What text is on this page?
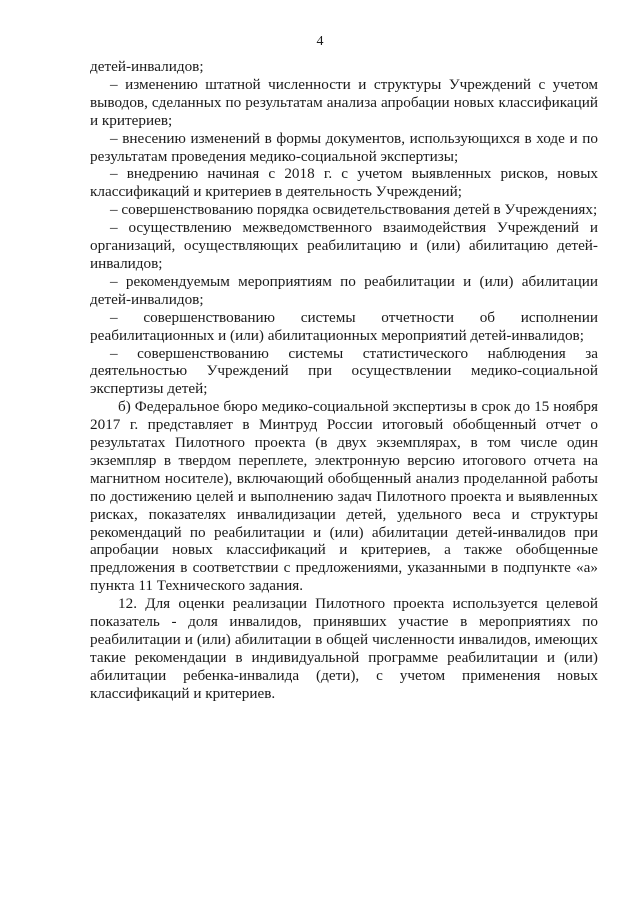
4

детей-инвалидов;

– изменению штатной численности и структуры Учреждений с учетом выводов, сделанных по результатам анализа апробации новых классификаций и критериев;

– внесению изменений в формы документов, использующихся в ходе и по результатам проведения медико-социальной экспертизы;

– внедрению начиная с 2018 г. с учетом выявленных рисков, новых классификаций и критериев в деятельность Учреждений;

– совершенствованию порядка освидетельствования детей в Учреждениях;

– осуществлению межведомственного взаимодействия Учреждений и организаций, осуществляющих реабилитацию и (или) абилитацию детей-инвалидов;

– рекомендуемым мероприятиям по реабилитации и (или) абилитации детей-инвалидов;

– совершенствованию системы отчетности об исполнении реабилитационных и (или) абилитационных мероприятий детей-инвалидов;

– совершенствованию системы статистического наблюдения за деятельностью Учреждений при осуществлении медико-социальной экспертизы детей;

б) Федеральное бюро медико-социальной экспертизы в срок до 15 ноября 2017 г. представляет в Минтруд России итоговый обобщенный отчет о результатах Пилотного проекта (в двух экземплярах, в том числе один экземпляр в твердом переплете, электронную версию итогового отчета на магнитном носителе), включающий обобщенный анализ проделанной работы по достижению целей и выполнению задач Пилотного проекта и выявленных рисках, показателях инвалидизации детей, удельного веса и структуры рекомендаций по реабилитации и (или) абилитации детей-инвалидов при апробации новых классификаций и критериев, а также обобщенные предложения в соответствии с предложениями, указанными в подпункте «а» пункта 11 Технического задания.

12. Для оценки реализации Пилотного проекта используется целевой показатель - доля инвалидов, принявших участие в мероприятиях по реабилитации и (или) абилитации в общей численности инвалидов, имеющих такие рекомендации в индивидуальной программе реабилитации и (или) абилитации ребенка-инвалида (дети), с учетом применения новых классификаций и критериев.
